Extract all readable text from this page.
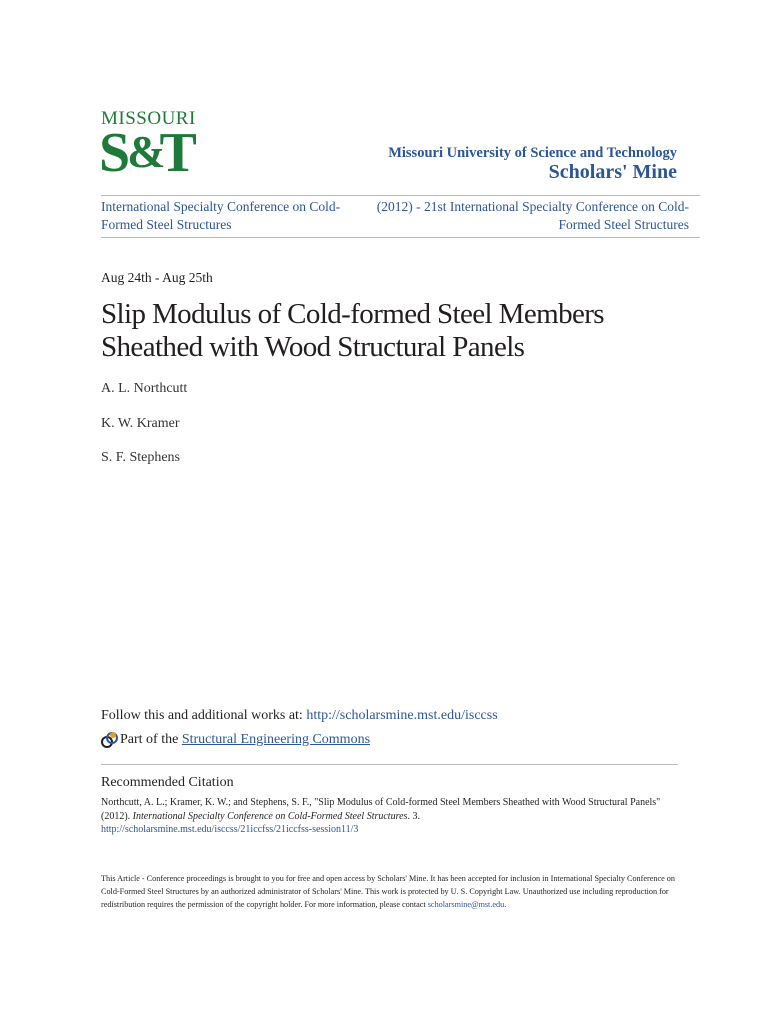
MISSOURI
S&T	Missouri University of Science and Technology
Scholars' Mine
International Specialty Conference on Cold-Formed Steel Structures
(2012) - 21st International Specialty Conference on Cold-Formed Steel Structures
Aug 24th - Aug 25th
Slip Modulus of Cold-formed Steel Members Sheathed with Wood Structural Panels
A. L. Northcutt
K. W. Kramer
S. F. Stephens
Follow this and additional works at: http://scholarsmine.mst.edu/isccss
Part of the
Structural Engineering Commons
Recommended Citation
Northcutt, A. L.; Kramer, K. W.; and Stephens, S. F., "Slip Modulus of Cold-formed Steel Members Sheathed with Wood Structural Panels" (2012). International Specialty Conference on Cold-Formed Steel Structures. 3.
http://scholarsmine.mst.edu/isccss/21iccfss/21iccfss-session11/3
This Article - Conference proceedings is brought to you for free and open access by Scholars' Mine. It has been accepted for inclusion in International Specialty Conference on Cold-Formed Steel Structures by an authorized administrator of Scholars' Mine. This work is protected by U. S. Copyright Law. Unauthorized use including reproduction for redistribution requires the permission of the copyright holder. For more information, please contact scholarsmine@mst.edu.
